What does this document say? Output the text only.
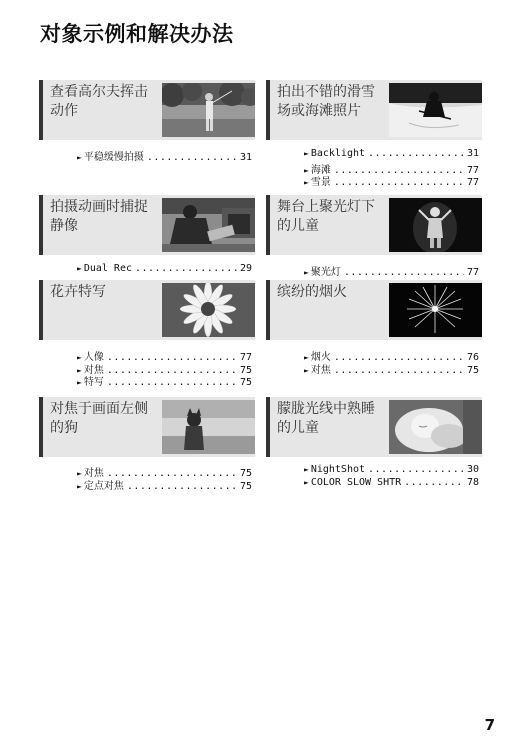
对象示例和解决办法
查看高尔夫挥击动作
► 平稳缓慢拍摄 .....	31
拍出不错的滑雪场或海滩照片
► Backlight .....	31
► 海滩 .....	77
► 雪景 .....	77
拍摄动画时捕捉静像
► Dual Rec .....	29
舞台上聚光灯下的儿童
► 聚光灯 .....	77
花卉特写
► 人像 .....	77
► 对焦 .....	75
► 特写 .....	75
缤纷的烟火
► 烟火 .....	76
► 对焦 .....	75
对焦于画面左侧的狗
► 对焦 .....	75
► 定点对焦 .....	75
朦胧光线中熟睡的儿童
► NightShot .....	30
► COLOR SLOW SHTR .....	78
7
